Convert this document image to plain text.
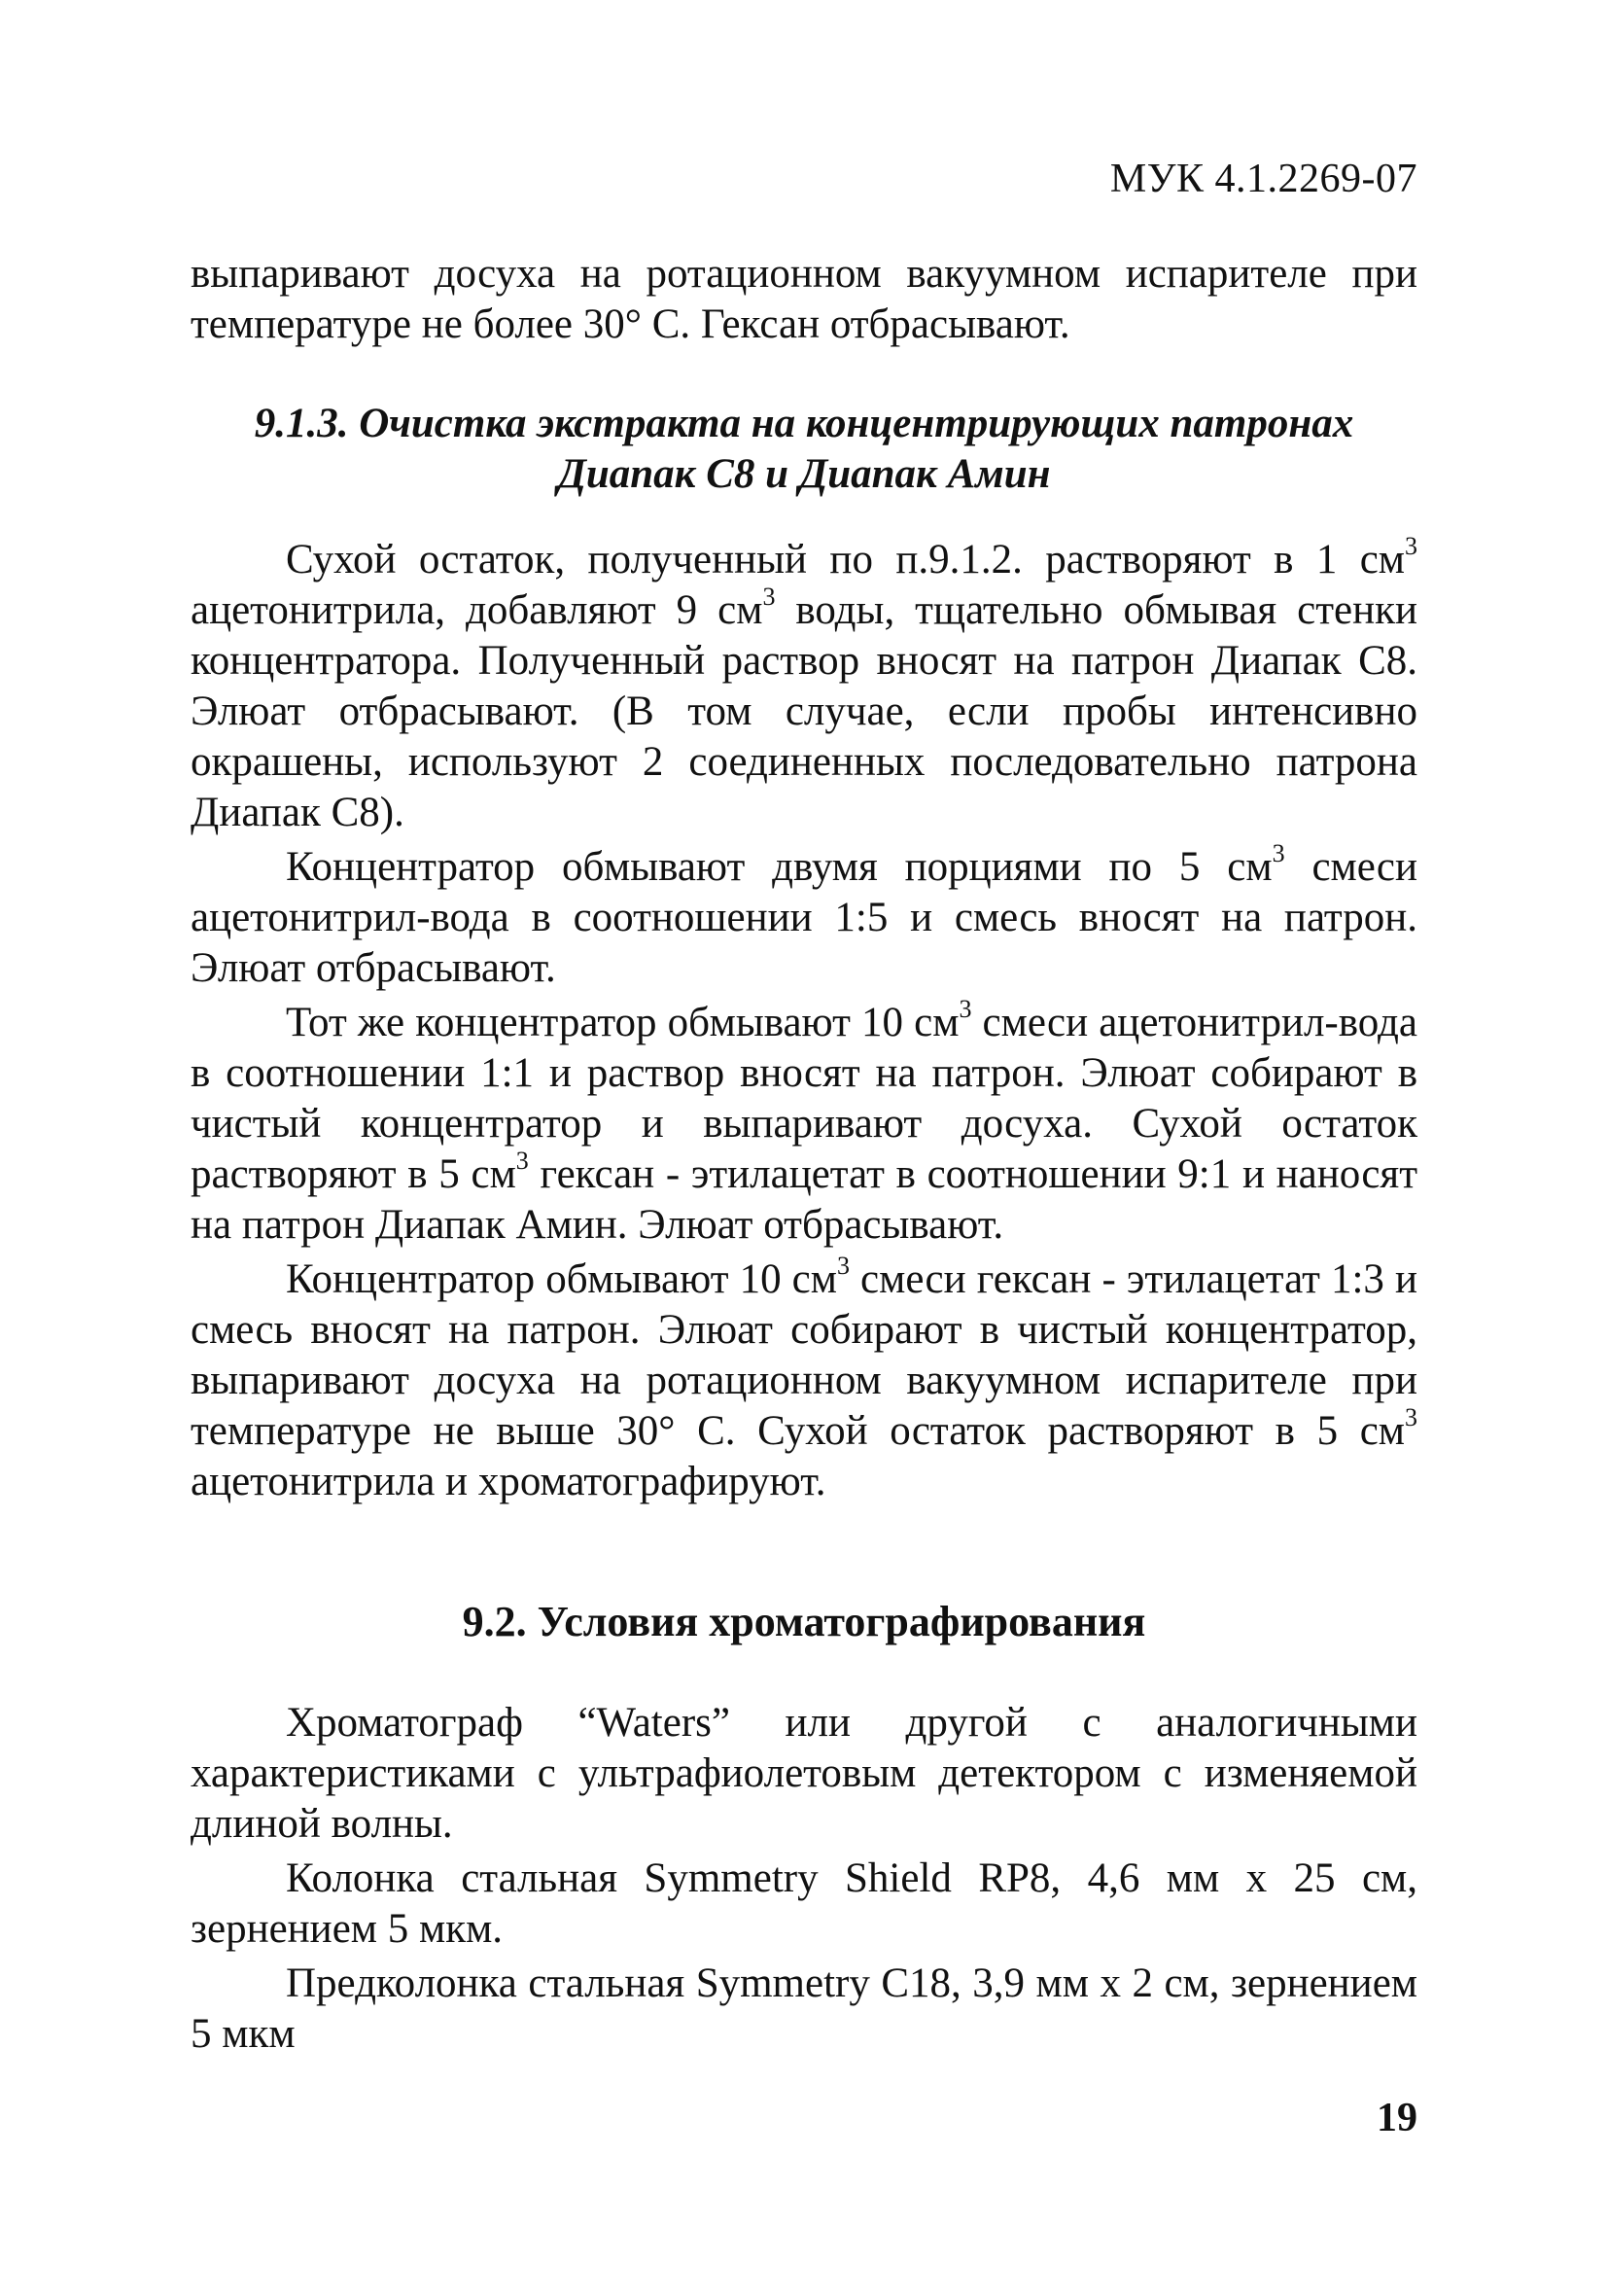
МУК 4.1.2269-07

выпаривают досуха на ротационном вакуумном испарителе при температуре не более 30° С. Гексан отбрасывают.

9.1.3. Очистка экстракта на концентрирующих патронах
Диапак С8 и Диапак Амин

Сухой остаток, полученный по п.9.1.2. растворяют в 1 $см^3$ ацетонитрила, добавляют 9 $см^3$ воды, тщательно обмывая стенки концентратора. Полученный раствор вносят на патрон Диапак С8. Элюат отбрасывают. (В том случае, если пробы интенсивно окрашены, используют 2 соединенных последовательно патрона Диапак С8).

Концентратор обмывают двумя порциями по 5 $см^3$ смеси ацетонитрил-вода в соотношении 1:5 и смесь вносят на патрон. Элюат отбрасывают.

Тот же концентратор обмывают 10 $см^3$ смеси ацетонитрил-вода в соотношении 1:1 и раствор вносят на патрон. Элюат собирают в чистый концентратор и выпаривают досуха. Сухой остаток растворяют в 5 $см^3$ гексан - этилацетат в соотношении 9:1 и наносят на патрон Диапак Амин. Элюат отбрасывают.

Концентратор обмывают 10 $см^3$ смеси гексан - этилацетат 1:3 и смесь вносят на патрон. Элюат собирают в чистый концентратор, выпаривают досуха на ротационном вакуумном испарителе при температуре не выше 30° С. Сухой остаток растворяют в 5 $см^3$ ацетонитрила и хроматографируют.

9.2. Условия хроматографирования

Хроматограф “Waters” или другой с аналогичными характеристиками с ультрафиолетовым детектором с изменяемой длиной волны.

Колонка стальная Symmetry Shield RP8, 4,6 мм х 25 см, зернением 5 мкм.

Предколонка стальная Symmetry С18, 3,9 мм х 2 см, зернением 5 мкм

19
